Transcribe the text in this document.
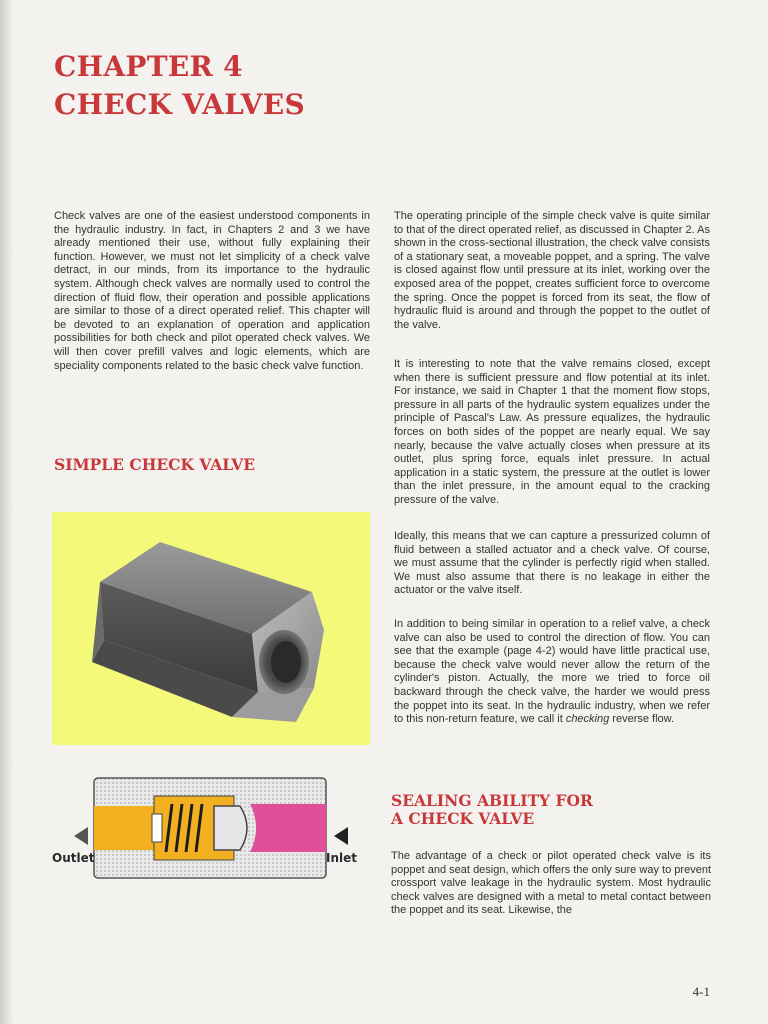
CHAPTER 4
CHECK VALVES

Check valves are one of the easiest understood components in the hydraulic industry. In fact, in Chapters 2 and 3 we have already mentioned their use, without fully explaining their function. However, we must not let simplicity of a check valve detract, in our minds, from its importance to the hydraulic system. Although check valves are normally used to control the direction of fluid flow, their operation and possible applications are similar to those of a direct operated relief. This chapter will be devoted to an explanation of operation and application possibilities for both check and pilot operated check valves. We will then cover prefill valves and logic elements, which are speciality components related to the basic check valve function.

SIMPLE CHECK VALVE
Outlet	Inlet

The operating principle of the simple check valve is quite similar to that of the direct operated relief, as discussed in Chapter 2. As shown in the cross-sectional illustration, the check valve consists of a stationary seat, a moveable poppet, and a spring. The valve is closed against flow until pressure at its inlet, working over the exposed area of the poppet, creates sufficient force to overcome the spring. Once the poppet is forced from its seat, the flow of hydraulic fluid is around and through the poppet to the outlet of the valve.

It is interesting to note that the valve remains closed, except when there is sufficient pressure and flow potential at its inlet. For instance, we said in Chapter 1 that the moment flow stops, pressure in all parts of the hydraulic system equalizes under the principle of Pascal's Law. As pressure equalizes, the hydraulic forces on both sides of the poppet are nearly equal. We say nearly, because the valve actually closes when pressure at its outlet, plus spring force, equals inlet pressure. In actual application in a static system, the pressure at the outlet is lower than the inlet pressure, in the amount equal to the cracking pressure of the valve.

Ideally, this means that we can capture a pressurized column of fluid between a stalled actuator and a check valve. Of course, we must assume that the cylinder is perfectly rigid when stalled. We must also assume that there is no leakage in either the actuator or the valve itself.

In addition to being similar in operation to a relief valve, a check valve can also be used to control the direction of flow. You can see that the example (page 4-2) would have little practical use, because the check valve would never allow the return of the cylinder's piston. Actually, the more we tried to force oil backward through the check valve, the harder we would press the poppet into its seat. In the hydraulic industry, when we refer to this non-return feature, we call it checking reverse flow.

SEALING ABILITY FOR
A CHECK VALVE

The advantage of a check or pilot operated check valve is its poppet and seat design, which offers the only sure way to prevent crossport valve leakage in the hydraulic system. Most hydraulic check valves are designed with a metal to metal contact between the poppet and its seat. Likewise, the

4-1
